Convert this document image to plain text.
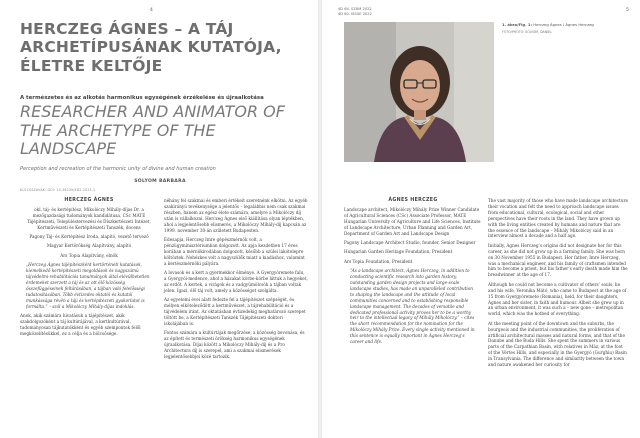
4
HERCZEG ÁGNES – A TÁJ ARCHETÍPUSÁNAK KUTATÓJA, ÉLETRE KELTŐJE
A természetes és az alkotás harmonikus egységének érzékelése és újraalkotása
RESEARCHER AND ANIMATOR OF THE ARCHETYPE OF THE LANDSCAPE
Perception and recreation of the harmonic unity of divine and human creation
SÓLYOM BARBARA
KULCSSZAVAK: DOI: 10.36249/4D2.2023.1

HERCZEG ÁGNES

okl. táj- és kertépítész, Mikolóczy Mihály-díjas Dr. a mezőgazdasági tudományok kandidátusa, CSc MATE Tájépítészeti, Településtervezési és Díszkertészeti Intézet, Kertművészeti és Kertépítészeti Tanszék, docens

Pagony Táj- és Kertépítész Iroda, alapító, vezető tervező

Magyar Kertörökség Alapítvány, alapító

Ars Topia Alapítvány, elnök

„Herczeg Ágnes tájépítészként kertörténeti kutatások, kiemelkedő kertépítészeti megoldások és nagyszámú tájvédelmi-rehabilitációs tanulmányok által elévülhetetlen érdemeket szerzett a táj és az ott élő közösség összefüggéseinek feltárásában, a tájban való felelősségi tudatosításában. Több évtizedes oktatói és kutatói munkássága révén a táji és kertépítészeti gyakorlatot is formálta.” – szól a Mikolóczy Mihály-díjas indoklás.

Anok, akik számára hivatásuk a tájépítészet, akik szakdolgozóként a táj kultúrájával, a kertkultúrával, tudományosan tájkutatókként és egyéb szempontok felől megközelítésükkel, ez a célja és a bölcsősége.

néhány fel szakmai és emberi értékeit szeretnénk elkötni. Az egyéb szakirányú tevékenysége a jelentős – legalábbis nem csak szakmai részben, hanem az egész élete számára, amelyre a Mikolóczy díj után is vállalkozni. Herczeg Ágnes első kiállítása olyan léptékben, ahol a legjelentősebb elismerés, a Mikolóczy Mihály-díj kapcsán az 1999. november 30-án született Budapesten.

Édesapja, Herczeg Imre gépészmérnök volt, a pénzügyminisztériumban dolgozott. Az apja kezdetben 17 éves korában a mérnökirodában dolgozott, később a szülei lakótelepre költöztek. Nehézkes volt a nagyszülők miatt a kiadáshoz, valamint a kertészmérnöki pályára.

A lovasok és a kert a gyermekkor élménye. A Gyergyóremete falu, a Gyergyói-medence, ahol a házakat körbe-körbe láttuk a hegyeket, az erdőt. A kertek, a virágok és a vadgyümölcsök a tájban voltak jelen. Igazi, élő táj volt, amely a közösséget szolgálta.

Az egyetemi évei alatt fedezte fel a tájépítészet szépségét, és mélyen elköteleződött a kertművészet, a tájrehabilitáció és a tájvédelem iránt. Az oktatásban évtizedekig meghatározó szerepet töltött be, a Kertépítészeti Tanszék Tájépítészeti doktori iskolájában is.

Fontos számára a kultúrtájak megőrzése, a közösség bevonása, és az épített és természeti örökség harmonikus egységének újraalkotása. Díjai között a Mikolóczy Mihály-díj és a Pro Architectura díj is szerepel, ami a szakmai elismerések legjelentősebbjei közé tartozik.

5
4D 64. SZÁM 2022
4D 60. ISSUE 2022
1. ábra/Fig. 1: Herczeg Ágnes / Ágnes Herczeg
FOTÓ/PHOTO: SÓLYOM, DANIEL

ÁGNES HERCZEG

Landscape architect, Mikolóczy Mihály Prize Winner Candidate of Agricultural Sciences (CSc) Associate Professor, MATE Hungarian University of Agriculture and Life Sciences, Institute of Landscape Architecture, Urban Planning and Garden Art, Department of Garden Art and Landscape Design

Pagony Landscape Architect Studio, founder, Senior Designer

Hungarian Garden Heritage Foundation, President

Ars Topia Foundation, President

“As a landscape architect, Ágnes Herczeg, in addition to conducting scientific research into garden history, outstanding garden design projects and large-scale landscape studies, has made an unparalleled contribution to shaping the landscape and the attitude of local communities concerned and to establishing responsible landscape management. The decades of versatile and dedicated professional activity proves her to be a worthy heir to the intellectual legacy of Mihály Mikolóczy.” – cites the short recommendation for the nomination for the Mikolóczy Mihály Prize. Every single activity mentioned in this sentence is equally important in Ágnes Herczeg’s career and life.

The vast majority of those who have made landscape architecture their vocation and felt the need to approach landscape issues from educational, cultural, ecological, social and other perspectives have their roots in the land. They have grown up with the living entities created by humans and nature that are the essence of the landscape – Mihály Mikolóczy said in an interview almost a decade and a half ago.

Initially, Ágnes Herczeg’s origins did not designate her for this career, as she did not grow up in a farming family. She was born on 30 November 1955 in Budapest. Her father, Imre Herczeg, was a mechanical engineer, and his family of craftsmen intended him to become a priest, but his father’s early death made him the breadwinner at the age of 17.

Although he could not become a cultivator of others’ souls, he and his wife, Veronika Mátó, who came to Budapest at the age of 15 from Gyergyóremete (Romania), held, for their daughters, Ágnes and her sister, in faith and humour. Albeit she grew up in an urban environment, it was such a – new gone – metropolitan world, which was the hotbed of everything.

At the meeting point of the downtown and the suburbs, the bourgeois and the industrial communities, the proliferation of artificial architectural masses and natural forms, and that of the Danube and the Buda Hills. She spent the summers in various parts of the Carpathian Basin, with relatives in Máz, at the foot of the Vértes Hills, and especially in the Gyergyó (Gurghiu) Basin in Transylvania. The difference and similarity between the town and nature awakened her curiosity for
